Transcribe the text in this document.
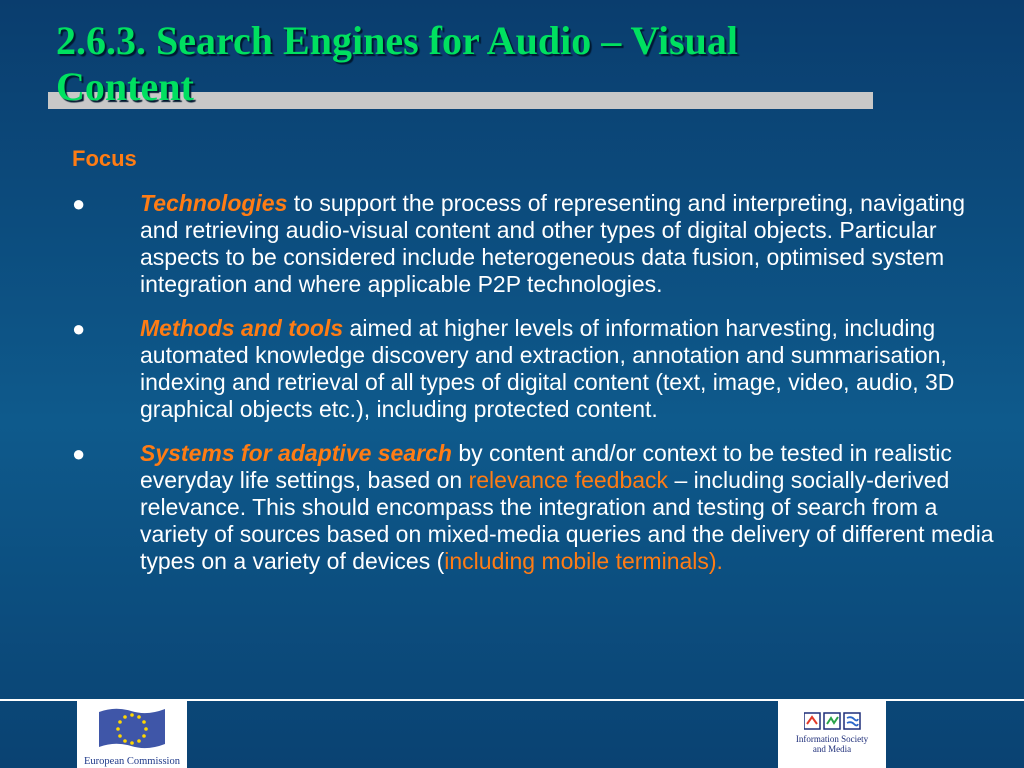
2.6.3. Search Engines for Audio – Visual
Content
Focus
● Technologies to support the process of representing and interpreting, navigating and retrieving audio-visual content and other types of digital objects. Particular aspects to be considered include heterogeneous data fusion, optimised system integration and where applicable P2P technologies.
● Methods and tools aimed at higher levels of information harvesting, including automated knowledge discovery and extraction, annotation and summarisation, indexing and retrieval of all types of digital content (text, image, video, audio, 3D graphical objects etc.), including protected content.
● Systems for adaptive search by content and/or context to be tested in realistic everyday life settings, based on relevance feedback – including socially-derived relevance. This should encompass the integration and testing of search from a variety of sources based on mixed-media queries and the delivery of different media types on a variety of devices (including mobile terminals).
European Commission
Information Society
and Media
